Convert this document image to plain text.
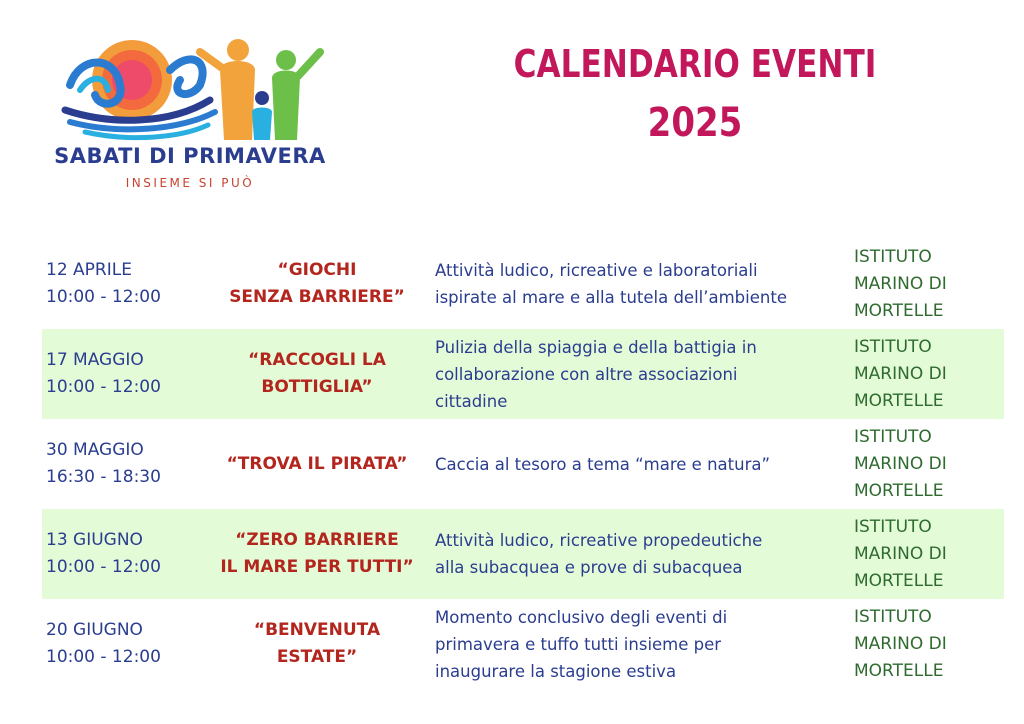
SABATI DI PRIMAVERA
INSIEME SI PUÒ
CALENDARIO EVENTI
2025
12 APRILE
10:00 - 12:00
“GIOCHI
SENZA BARRIERE”
Attività ludico, ricreative e laboratoriali
ispirate al mare e alla tutela dell’ambiente
ISTITUTO
MARINO DI
MORTELLE
17 MAGGIO
10:00 - 12:00
“RACCOGLI LA
BOTTIGLIA”
Pulizia della spiaggia e della battigia in
collaborazione con altre associazioni
cittadine
ISTITUTO
MARINO DI
MORTELLE
30 MAGGIO
16:30 - 18:30
“TROVA IL PIRATA”	Caccia al tesoro a tema “mare e natura”
ISTITUTO
MARINO DI
MORTELLE
13 GIUGNO
10:00 - 12:00
“ZERO BARRIERE
IL MARE PER TUTTI”
Attività ludico, ricreative propedeutiche
alla subacquea e prove di subacquea
ISTITUTO
MARINO DI
MORTELLE
20 GIUGNO
10:00 - 12:00
“BENVENUTA
ESTATE”
Momento conclusivo degli eventi di
primavera e tuffo tutti insieme per
inaugurare la stagione estiva
ISTITUTO
MARINO DI
MORTELLE
